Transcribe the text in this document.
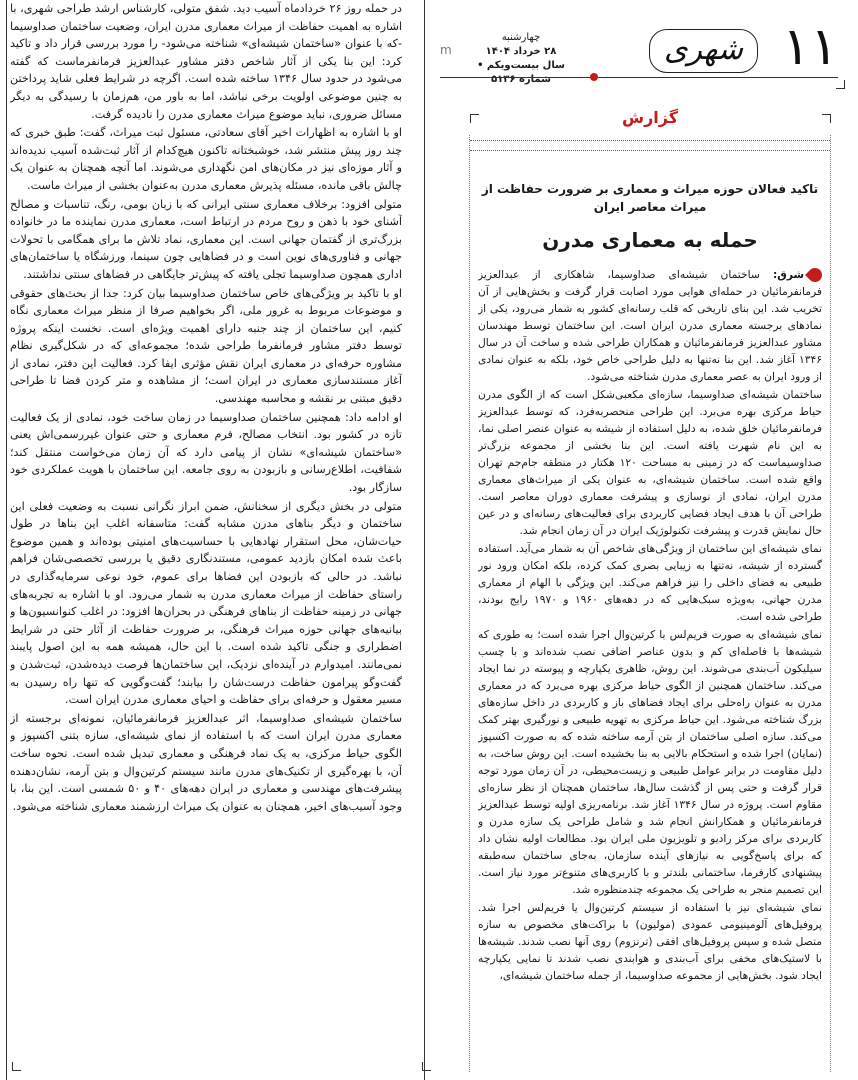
در حمله روز ۲۶ خردادماه آسیب دید. شفق متولی، کارشناس ارشد طراحی شهری، با اشاره به اهمیت حفاظت از میراث معماری مدرن ایران، وضعیت ساختمان صداوسیما -که با عنوان «ساختمان شیشه‌ای» شناخته می‌شود- را مورد بررسی قرار داد و تاکید کرد: این بنا یکی از آثار شاخص دفتر مشاور عبدالعزیز فرمانفرماست که گفته می‌شود در حدود سال ۱۳۴۶ ساخته شده است. اگرچه در شرایط فعلی شاید پرداختن به چنین موضوعی اولویت برخی نباشد، اما به باور من، هم‌زمان با رسیدگی به دیگر مسائل ضروری، نباید موضوع میراث معماری مدرن را نادیده گرفت.

او با اشاره به اظهارات اخیر آقای سعادتی، مسئول ثبت میراث، گفت: طبق خبری که چند روز پیش منتشر شد، خوشبختانه تاکنون هیچ‌کدام از آثار ثبت‌شده آسیب ندیده‌اند و آثار موزه‌ای نیز در مکان‌های امن نگهداری می‌شوند. اما آنچه همچنان به عنوان یک چالش باقی مانده، مسئله پذیرش معماری مدرن به‌عنوان بخشی از میراث ماست.

متولی افزود: برخلاف معماری سنتی ایرانی که با زبان بومی، رنگ، تناسبات و مصالح آشنای خود با ذهن و روح مردم در ارتباط است، معماری مدرن نماینده ما در خانواده بزرگ‌تری از گفتمان جهانی است. این معماری، نماد تلاش ما برای همگامی با تحولات جهانی و فناوری‌های نوین است و در فضاهایی چون سینما، ورزشگاه یا ساختمان‌های اداری همچون صداوسیما تجلی یافته که پیش‌تر جایگاهی در فضاهای سنتی نداشتند.

او با تاکید بر ویژگی‌های خاص ساختمان صداوسیما بیان کرد: جدا از بحث‌های حقوقی و موضوعات مربوط به غرور ملی، اگر بخواهیم صرفا از منظر میراث معماری نگاه کنیم، این ساختمان از چند جنبه دارای اهمیت ویژه‌ای است. نخست اینکه پروژه توسط دفتر مشاور فرمانفرما طراحی شده؛ مجموعه‌ای که در شکل‌گیری نظام مشاوره حرفه‌ای در معماری ایران نقش مؤثری ایفا کرد. فعالیت این دفتر، نمادی از آغاز مستندسازی معماری در ایران است؛ از مشاهده و متر کردن فضا تا طراحی دقیق مبتنی بر نقشه و محاسبه مهندسی.

او ادامه داد: همچنین ساختمان صداوسیما در زمان ساخت خود، نمادی از یک فعالیت تازه در کشور بود. انتخاب مصالح، فرم معماری و حتی عنوان غیررسمی‌اش یعنی «ساختمان شیشه‌ای» نشان از پیامی دارد که آن زمان می‌خواست منتقل کند؛ شفافیت، اطلاع‌رسانی و بازبودن به روی جامعه. این ساختمان با هویت عملکردی خود سازگار بود.

متولی در بخش دیگری از سخنانش، ضمن ابراز نگرانی نسبت به وضعیت فعلی این ساختمان و دیگر بناهای مدرن مشابه گفت: متاسفانه اغلب این بناها در طول حیات‌شان، محل استقرار نهادهایی با حساسیت‌های امنیتی بوده‌اند و همین موضوع باعث شده امکان بازدید عمومی، مستندنگاری دقیق یا بررسی تخصصی‌شان فراهم نباشد. در حالی که بازبودن این فضاها برای عموم، خود نوعی سرمایه‌گذاری در راستای حفاظت از میراث معماری مدرن به شمار می‌رود. او با اشاره به تجربه‌های جهانی در زمینه حفاظت از بناهای فرهنگی در بحران‌ها افزود: در اغلب کنوانسیون‌ها و بیانیه‌های جهانی حوزه میراث فرهنگی، بر ضرورت حفاظت از آثار حتی در شرایط اضطراری و جنگی تاکید شده است. با این حال، همیشه همه به این اصول پایبند نمی‌مانند. امیدوارم در آینده‌ای نزدیک، این ساختمان‌ها فرصت دیده‌شدن، ثبت‌شدن و گفت‌وگو پیرامون حفاظت درست‌شان را بیابند؛ گفت‌وگویی که تنها راه رسیدن به مسیر معقول و حرفه‌ای برای حفاظت و احیای معماری مدرن ایران است.

ساختمان شیشه‌ای صداوسیما، اثر عبدالعزیز فرمانفرمائیان، نمونه‌ای برجسته از معماری مدرن ایران است که با استفاده از نمای شیشه‌ای، سازه بتنی اکسپوز و الگوی حیاط مرکزی، به یک نماد فرهنگی و معماری تبدیل شده است. نحوه ساخت آن، با بهره‌گیری از تکنیک‌های مدرن مانند سیستم کرتین‌وال و بتن آرمه، نشان‌دهنده پیشرفت‌های مهندسی و معماری در ایران دهه‌های ۴۰ و ۵۰ شمسی است. این بنا، با وجود آسیب‌های اخیر، همچنان به عنوان یک میراث ارزشمند معماری شناخته می‌شود.

۱۱
شهری
چهارشنبه
۲۸ خرداد ۱۴۰۴
سال بیست‌ویکم • شماره ۵۱۳۶
m
گزارش
تاکید فعالان حوزه میراث و معماری بر ضرورت حفاظت از میراث معاصر ایران
حمله به معماری مدرن

شرق: ساختمان شیشه‌ای صداوسیما، شاهکاری از عبدالعزیز فرمانفرمائیان در حمله‌ای هوایی مورد اصابت قرار گرفت و بخش‌هایی از آن تخریب شد. این بنای تاریخی که قلب رسانه‌ای کشور به شمار می‌رود، یکی از نمادهای برجسته معماری مدرن ایران است. این ساختمان توسط مهندسان مشاور عبدالعزیز فرمانفرمائیان و همکاران طراحی شده و ساخت آن در سال ۱۳۴۶ آغاز شد. این بنا نه‌تنها به دلیل طراحی خاص خود، بلکه به عنوان نمادی از ورود ایران به عصر معماری مدرن شناخته می‌شود.

ساختمان شیشه‌ای صداوسیما، سازه‌ای مکعبی‌شکل است که از الگوی مدرن حیاط مرکزی بهره می‌برد. این طراحی منحصربه‌فرد، که توسط عبدالعزیز فرمانفرمائیان خلق شده، به دلیل استفاده از شیشه به عنوان عنصر اصلی نما، به این نام شهرت یافته است. این بنا بخشی از مجموعه بزرگ‌تر صداوسیماست که در زمینی به مساحت ۱۲۰ هکتار در منطقه جام‌جم تهران واقع شده است. ساختمان شیشه‌ای، به عنوان یکی از میراث‌های معماری مدرن ایران، نمادی از نوسازی و پیشرفت معماری دوران معاصر است. طراحی آن با هدف ایجاد فضایی کاربردی برای فعالیت‌های رسانه‌ای و در عین حال نمایش قدرت و پیشرفت تکنولوژیک ایران در آن زمان انجام شد.

نمای شیشه‌ای این ساختمان از ویژگی‌های شاخص آن به شمار می‌آید. استفاده گسترده از شیشه، نه‌تنها به زیبایی بصری کمک کرده، بلکه امکان ورود نور طبیعی به فضای داخلی را نیز فراهم می‌کند. این ویژگی با الهام از معماری مدرن جهانی، به‌ویژه سبک‌هایی که در دهه‌های ۱۹۶۰ و ۱۹۷۰ رایج بودند، طراحی شده است.

نمای شیشه‌ای به صورت فریم‌لس با کرتین‌وال اجرا شده است؛ به طوری که شیشه‌ها با فاصله‌ای کم و بدون عناصر اضافی نصب شده‌اند و با چسب سیلیکون آب‌بندی می‌شوند. این روش، ظاهری یکپارچه و پیوسته در نما ایجاد می‌کند. ساختمان همچنین از الگوی حیاط مرکزی بهره می‌برد که در معماری مدرن به عنوان راه‌حلی برای ایجاد فضاهای باز و کاربردی در داخل سازه‌های بزرگ شناخته می‌شود. این حیاط مرکزی به تهویه طبیعی و نورگیری بهتر کمک می‌کند. سازه اصلی ساختمان از بتن آرمه ساخته شده که به صورت اکسپوز (نمایان) اجرا شده و استحکام بالایی به بنا بخشیده است. این روش ساخت، به دلیل مقاومت در برابر عوامل طبیعی و زیست‌محیطی، در آن زمان مورد توجه قرار گرفت و حتی پس از گذشت سال‌ها، ساختمان همچنان از نظر سازه‌ای مقاوم است. پروژه در سال ۱۳۴۶ آغاز شد. برنامه‌ریزی اولیه توسط عبدالعزیز فرمانفرمائیان و همکارانش انجام شد و شامل طراحی یک سازه مدرن و کاربردی برای مرکز رادیو و تلویزیون ملی ایران بود. مطالعات اولیه نشان داد که برای پاسخ‌گویی به نیازهای آینده سازمان، به‌جای ساختمان سه‌طبقه پیشنهادی کارفرما، ساختمانی بلندتر و با کاربری‌های متنوع‌تر مورد نیاز است. این تصمیم منجر به طراحی یک مجموعه چندمنظوره شد.

نمای شیشه‌ای نیز با استفاده از سیستم کرتین‌وال یا فریم‌لس اجرا شد. پروفیل‌های آلومینیومی عمودی (مولیون) با براکت‌های مخصوص به سازه متصل شده و سپس پروفیل‌های افقی (ترنزوم) روی آنها نصب شدند. شیشه‌ها با لاستیک‌های مخفی برای آب‌بندی و هوابندی نصب شدند تا نمایی یکپارچه ایجاد شود. بخش‌هایی از مجموعه صداوسیما، از جمله ساختمان شیشه‌ای،
